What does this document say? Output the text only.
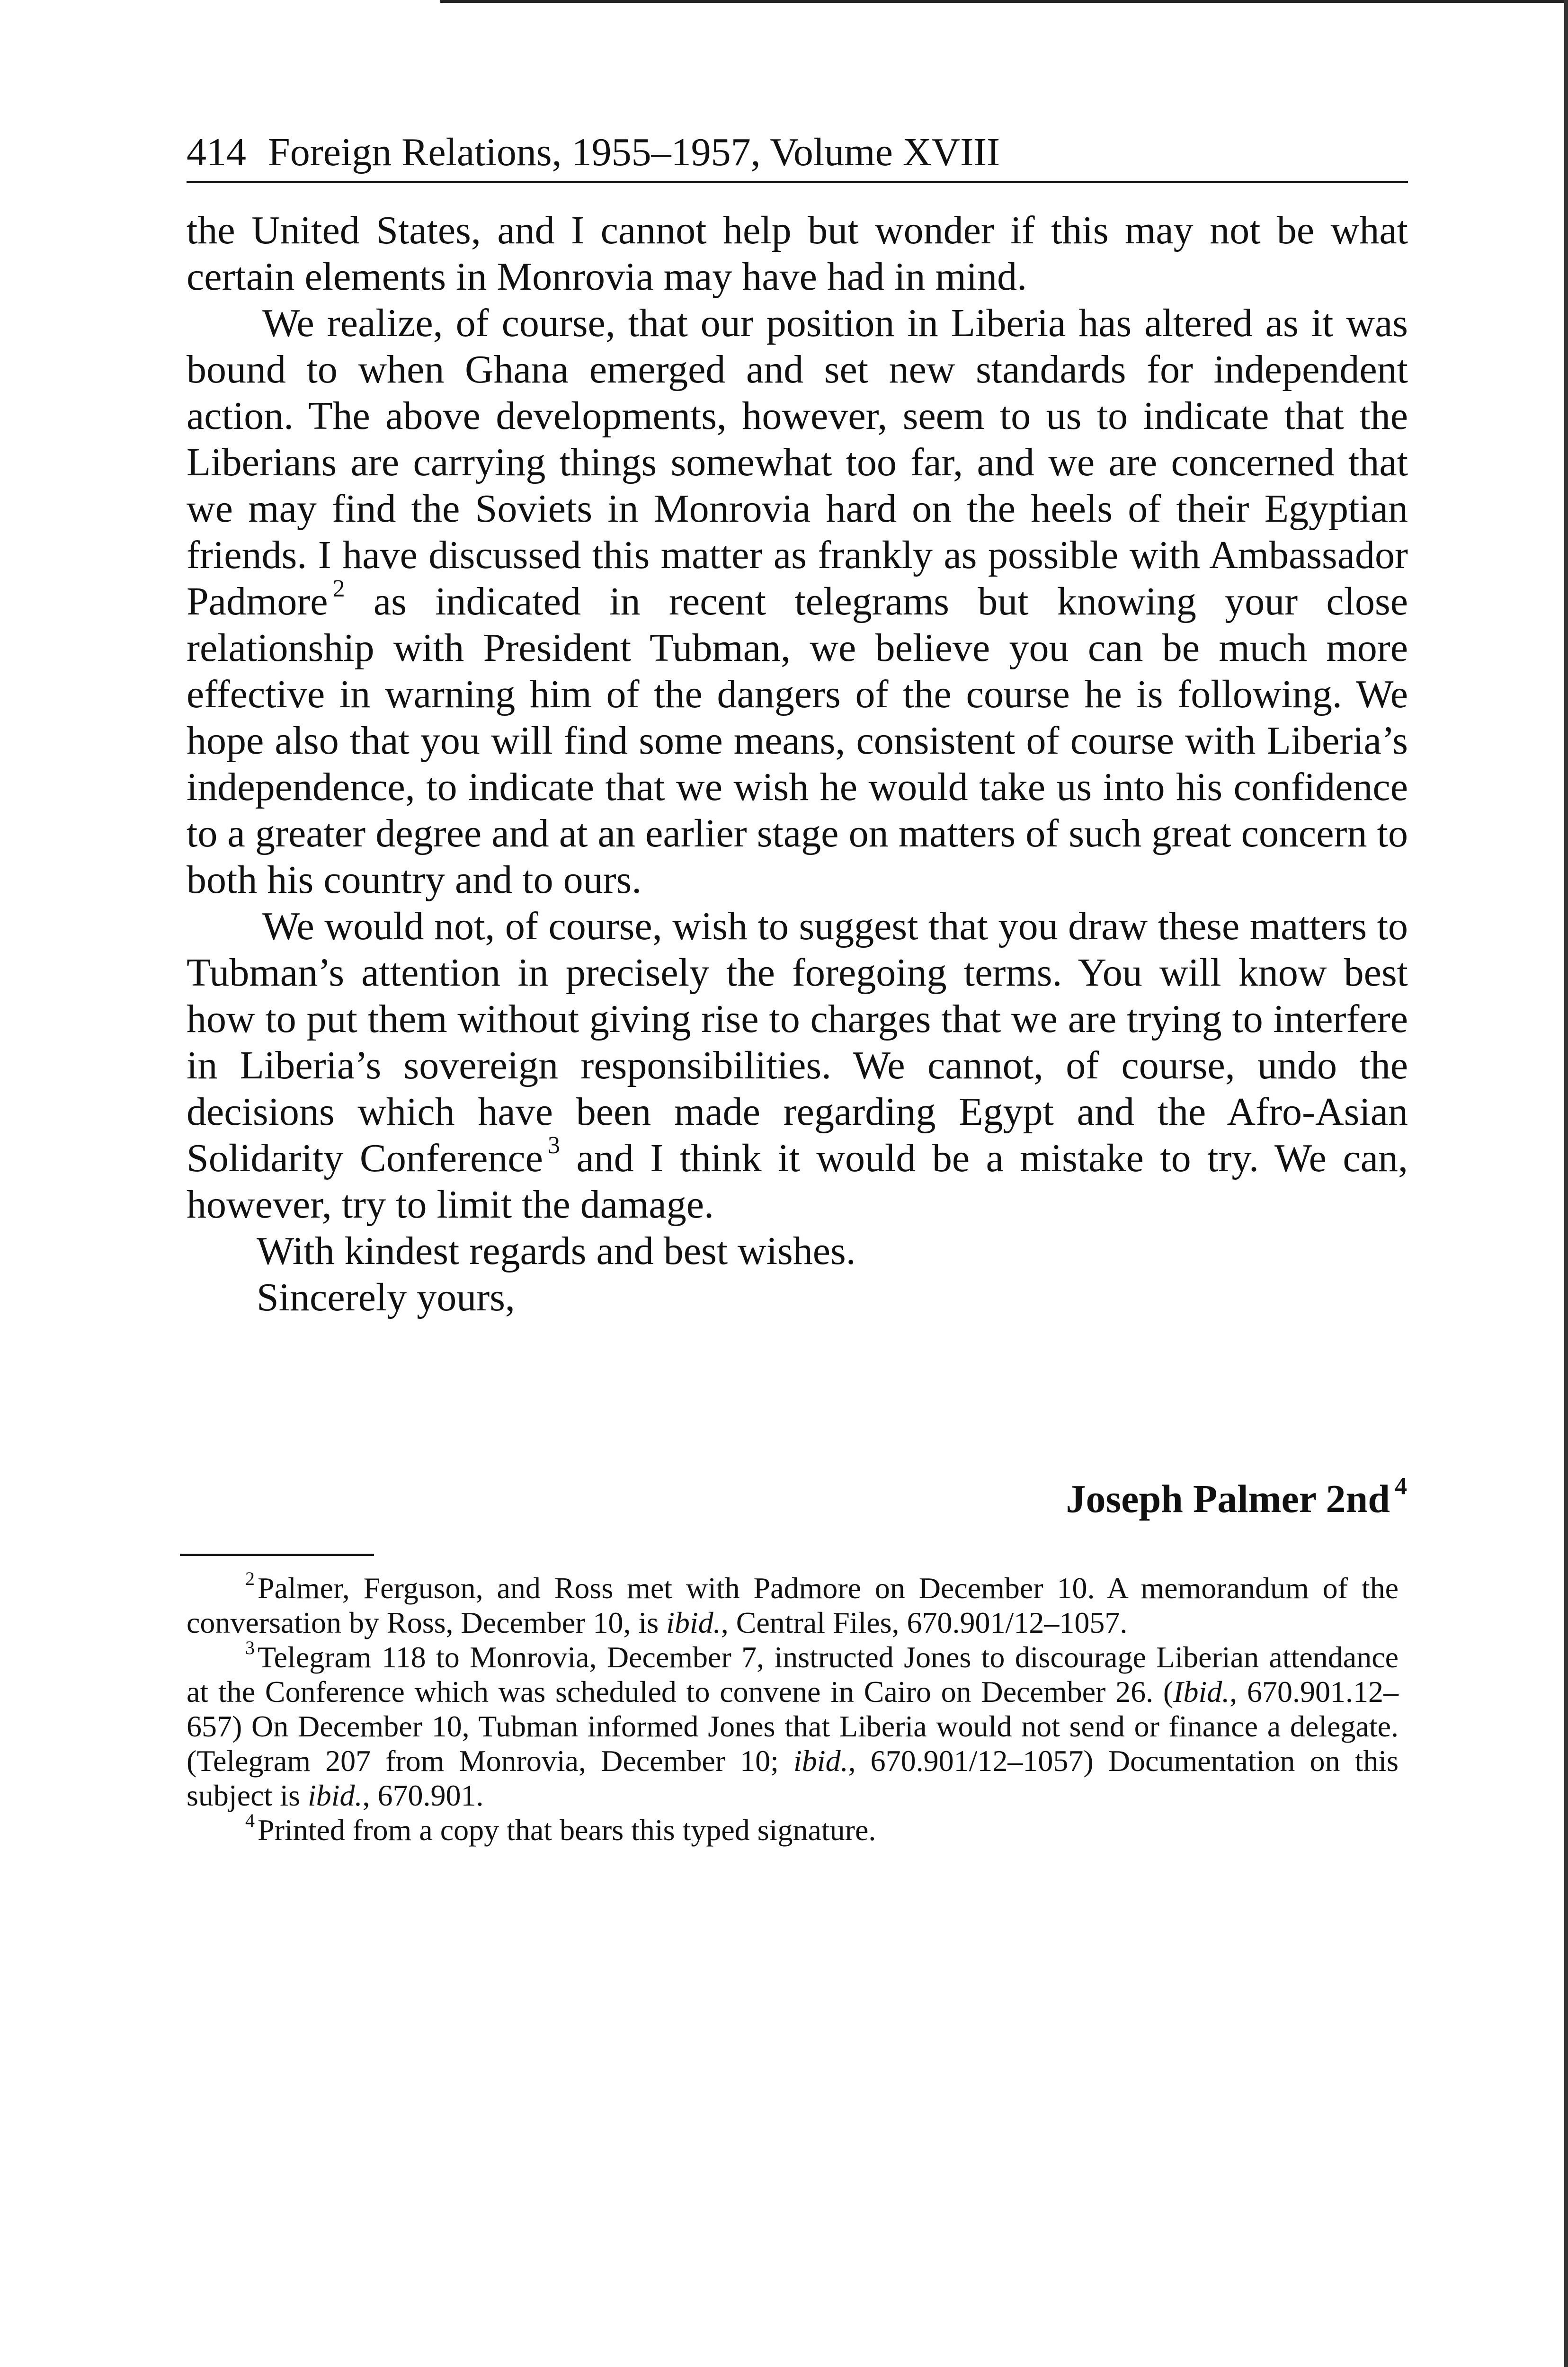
414 Foreign Relations, 1955–1957, Volume XVIII

the United States, and I cannot help but wonder if this may not be what certain elements in Monrovia may have had in mind.

We realize, of course, that our position in Liberia has altered as it was bound to when Ghana emerged and set new standards for independent action. The above developments, however, seem to us to indicate that the Liberians are carrying things somewhat too far, and we are concerned that we may find the Soviets in Monrovia hard on the heels of their Egyptian friends. I have discussed this matter as frankly as possible with Ambassador Padmore $^2$ as indicated in recent telegrams but knowing your close relationship with President Tubman, we believe you can be much more effective in warning him of the dangers of the course he is following. We hope also that you will find some means, consistent of course with Liberia’s independence, to indicate that we wish he would take us into his confidence to a greater degree and at an earlier stage on matters of such great concern to both his country and to ours.

We would not, of course, wish to suggest that you draw these matters to Tubman’s attention in precisely the foregoing terms. You will know best how to put them without giving rise to charges that we are trying to interfere in Liberia’s sovereign responsibilities. We cannot, of course, undo the decisions which have been made regarding Egypt and the Afro-Asian Solidarity Conference $^3$ and I think it would be a mistake to try. We can, however, try to limit the damage.

With kindest regards and best wishes.

Sincerely yours,

Joseph Palmer 2nd $^4$

$^2$Palmer, Ferguson, and Ross met with Padmore on December 10. A memorandum of the conversation by Ross, December 10, is ibid., Central Files, 670.901/12–1057.

$^3$Telegram 118 to Monrovia, December 7, instructed Jones to discourage Liberian attendance at the Conference which was scheduled to convene in Cairo on December 26. (Ibid., 670.901.12–657) On December 10, Tubman informed Jones that Liberia would not send or finance a delegate. (Telegram 207 from Monrovia, December 10; ibid., 670.901/12–1057) Documentation on this subject is ibid., 670.901.

$^4$Printed from a copy that bears this typed signature.
